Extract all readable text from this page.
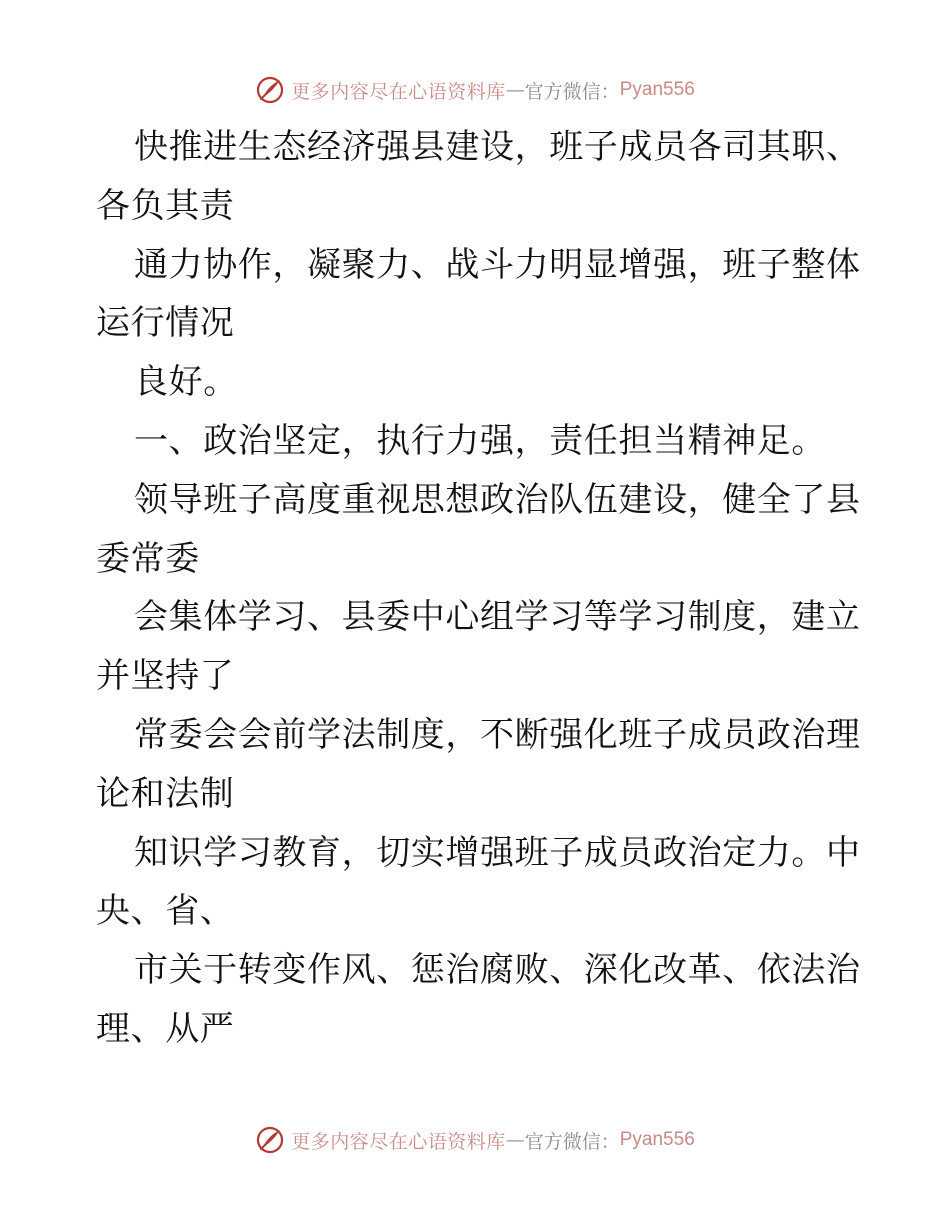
更多内容尽在心语资料库 — 官方微信： Pyan556
快推进生态经济强县建设，班子成员各司其职、
各负其责
通力协作，凝聚力、战斗力明显增强，班子整体
运行情况
良好。
一、政治坚定，执行力强，责任担当精神足。
领导班子高度重视思想政治队伍建设，健全了县
委常委
会集体学习、县委中心组学习等学习制度，建立
并坚持了
常委会会前学法制度，不断强化班子成员政治理
论和法制
知识学习教育，切实增强班子成员政治定力。中
央、省、
市关于转变作风、惩治腐败、深化改革、依法治
理、从严
更多内容尽在心语资料库 — 官方微信： Pyan556
